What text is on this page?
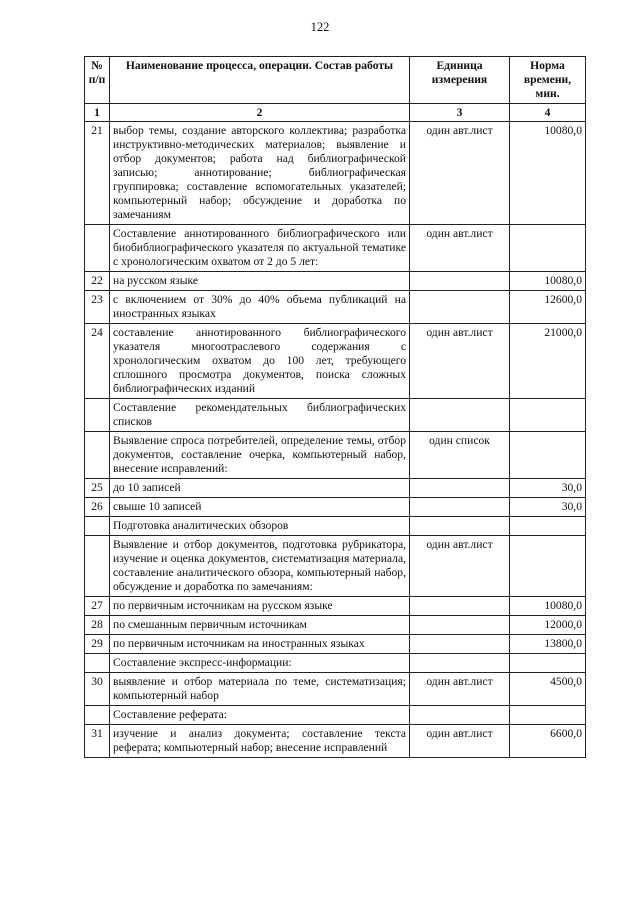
122
№ п/п	Наименование процесса, операции. Состав работы	Единица измерения	Норма времени, мин.
1	2	3	4
21	выбор темы, создание авторского коллектива; разработка инструктивно-методических материалов; выявление и отбор документов; работа над библиографической записью; аннотирование; библиографическая группировка; составление вспомогательных указателей; компьютерный набор; обсуждение и доработка по замечаниям	один авт.лист	10080,0
	Составление аннотированного библиографического или биобиблиографического указателя по актуальной тематике с хронологическим охватом от 2 до 5 лет:	один авт.лист	
22	на русском языке		10080,0
23	с включением от 30% до 40% объема публикаций на иностранных языках		12600,0
24	составление аннотированного библиографического указателя многоотраслевого содержания с хронологическим охватом до 100 лет, требующего сплошного просмотра документов, поиска сложных библиографических изданий	один авт.лист	21000,0
	Составление рекомендательных библиографических списков		
	Выявление спроса потребителей, определение темы, отбор документов, составление очерка, компьютерный набор, внесение исправлений:	один список	
25	до 10 записей		30,0
26	свыше 10 записей		30,0
	Подготовка аналитических обзоров		
	Выявление и отбор документов, подготовка рубрикатора, изучение и оценка документов, систематизация материала, составление аналитического обзора, компьютерный набор, обсуждение и доработка по замечаниям:	один авт.лист	
27	по первичным источникам на русском языке		10080,0
28	по смешанным первичным источникам		12000,0
29	по первичным источникам на иностранных языках		13800,0
	Составление экспресс-информации:		
30	выявление и отбор материала по теме, систематизация; компьютерный набор	один авт.лист	4500,0
	Составление реферата:		
31	изучение и анализ документа; составление текста реферата; компьютерный набор; внесение исправлений	один авт.лист	6600,0
